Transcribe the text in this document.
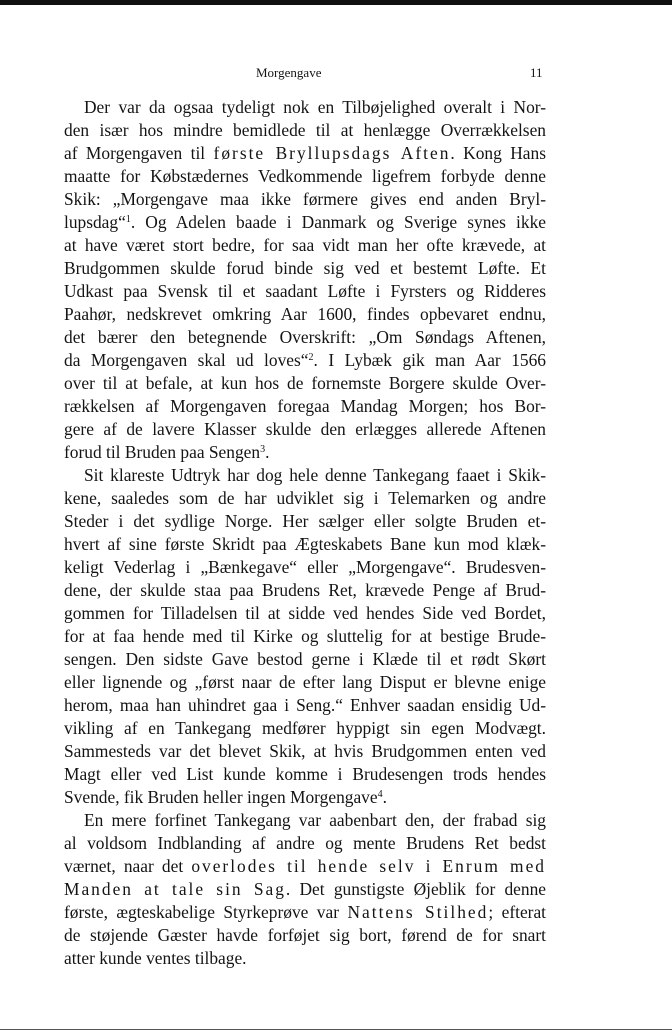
Morgengave	11
Der var da ogsaa tydeligt nok en Tilbøjelighed overalt i Nor-
den især hos mindre bemidlede til at henlægge Overrækkelsen
af Morgengaven til første Bryllupsdags Aften. Kong Hans
maatte for Købstædernes Vedkommende ligefrem forbyde denne
Skik: „Morgengave maa ikke førmere gives end anden Bryl-
lupsdag“$^1$. Og Adelen baade i Danmark og Sverige synes ikke
at have været stort bedre, for saa vidt man her ofte krævede, at
Brudgommen skulde forud binde sig ved et bestemt Løfte. Et
Udkast paa Svensk til et saadant Løfte i Fyrsters og Ridderes
Paahør, nedskrevet omkring Aar 1600, findes opbevaret endnu,
det bærer den betegnende Overskrift: „Om Søndags Aftenen,
da Morgengaven skal ud loves“$^2$. I Lybæk gik man Aar 1566
over til at befale, at kun hos de fornemste Borgere skulde Over-
rækkelsen af Morgengaven foregaa Mandag Morgen; hos Bor-
gere af de lavere Klasser skulde den erlægges allerede Aftenen
forud til Bruden paa Sengen$^3$.
Sit klareste Udtryk har dog hele denne Tankegang faaet i Skik-
kene, saaledes som de har udviklet sig i Telemarken og andre
Steder i det sydlige Norge. Her sælger eller solgte Bruden et-
hvert af sine første Skridt paa Ægteskabets Bane kun mod klæk-
keligt Vederlag i „Bænkegave“ eller „Morgengave“. Brudesven-
dene, der skulde staa paa Brudens Ret, krævede Penge af Brud-
gommen for Tilladelsen til at sidde ved hendes Side ved Bordet,
for at faa hende med til Kirke og sluttelig for at bestige Brude-
sengen. Den sidste Gave bestod gerne i Klæde til et rødt Skørt
eller lignende og „først naar de efter lang Disput er blevne enige
herom, maa han uhindret gaa i Seng.“ Enhver saadan ensidig Ud-
vikling af en Tankegang medfører hyppigt sin egen Modvægt.
Sammesteds var det blevet Skik, at hvis Brudgommen enten ved
Magt eller ved List kunde komme i Brudesengen trods hendes
Svende, fik Bruden heller ingen Morgengave$^4$.
En mere forfinet Tankegang var aabenbart den, der frabad sig
al voldsom Indblanding af andre og mente Brudens Ret bedst
værnet, naar det overlodes til hende selv i Enrum med
Manden at tale sin Sag. Det gunstigste Øjeblik for denne
første, ægteskabelige Styrkeprøve var Nattens Stilhed; efterat
de støjende Gæster havde forføjet sig bort, førend de for snart
atter kunde ventes tilbage.
